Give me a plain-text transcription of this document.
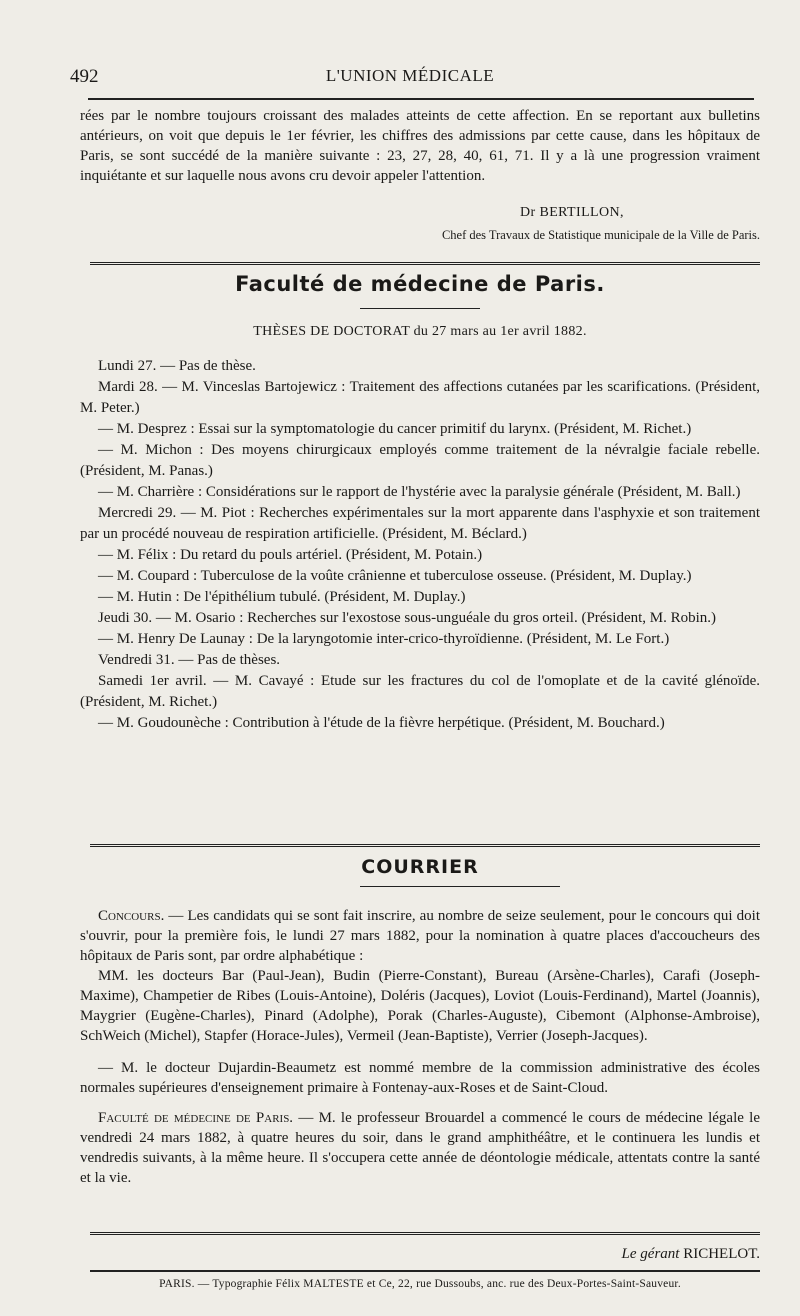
492	L'UNION MÉDICALE

rées par le nombre toujours croissant des malades atteints de cette affection. En se reportant aux bulletins antérieurs, on voit que depuis le 1er février, les chiffres des admissions par cette cause, dans les hôpitaux de Paris, se sont succédé de la manière suivante : 23, 27, 28, 40, 61, 71. Il y a là une progression vraiment inquiétante et sur laquelle nous avons cru devoir appeler l'attention.

Dr BERTILLON,
Chef des Travaux de Statistique municipale de la Ville de Paris.
Faculté de médecine de Paris.
THÈSES DE DOCTORAT du 27 mars au 1er avril 1882.

Lundi 27. — Pas de thèse.

Mardi 28. — M. Vinceslas Bartojewicz : Traitement des affections cutanées par les scarifications. (Président, M. Peter.)

— M. Desprez : Essai sur la symptomatologie du cancer primitif du larynx. (Président, M. Richet.)

— M. Michon : Des moyens chirurgicaux employés comme traitement de la névralgie faciale rebelle. (Président, M. Panas.)

— M. Charrière : Considérations sur le rapport de l'hystérie avec la paralysie générale (Président, M. Ball.)

Mercredi 29. — M. Piot : Recherches expérimentales sur la mort apparente dans l'asphyxie et son traitement par un procédé nouveau de respiration artificielle. (Président, M. Béclard.)

— M. Félix : Du retard du pouls artériel. (Président, M. Potain.)

— M. Coupard : Tuberculose de la voûte crânienne et tuberculose osseuse. (Président, M. Duplay.)

— M. Hutin : De l'épithélium tubulé. (Président, M. Duplay.)

Jeudi 30. — M. Osario : Recherches sur l'exostose sous-unguéale du gros orteil. (Président, M. Robin.)

— M. Henry De Launay : De la laryngotomie inter-crico-thyroïdienne. (Président, M. Le Fort.)

Vendredi 31. — Pas de thèses.

Samedi 1er avril. — M. Cavayé : Etude sur les fractures du col de l'omoplate et de la cavité glénoïde. (Président, M. Richet.)

— M. Goudounèche : Contribution à l'étude de la fièvre herpétique. (Président, M. Bouchard.)

COURRIER

Concours. — Les candidats qui se sont fait inscrire, au nombre de seize seulement, pour le concours qui doit s'ouvrir, pour la première fois, le lundi 27 mars 1882, pour la nomination à quatre places d'accoucheurs des hôpitaux de Paris sont, par ordre alphabétique :

MM. les docteurs Bar (Paul-Jean), Budin (Pierre-Constant), Bureau (Arsène-Charles), Carafi (Joseph-Maxime), Champetier de Ribes (Louis-Antoine), Doléris (Jacques), Loviot (Louis-Ferdinand), Martel (Joannis), Maygrier (Eugène-Charles), Pinard (Adolphe), Porak (Charles-Auguste), Cibemont (Alphonse-Ambroise), SchWeich (Michel), Stapfer (Horace-Jules), Vermeil (Jean-Baptiste), Verrier (Joseph-Jacques).

— M. le docteur Dujardin-Beaumetz est nommé membre de la commission administrative des écoles normales supérieures d'enseignement primaire à Fontenay-aux-Roses et de Saint-Cloud.

Faculté de médecine de Paris. — M. le professeur Brouardel a commencé le cours de médecine légale le vendredi 24 mars 1882, à quatre heures du soir, dans le grand amphithéâtre, et le continuera les lundis et vendredis suivants, à la même heure. Il s'occupera cette année de déontologie médicale, attentats contre la santé et la vie.

Le gérant RICHELOT.
PARIS. — Typographie Félix MALTESTE et Ce, 22, rue Dussoubs, anc. rue des Deux-Portes-Saint-Sauveur.
